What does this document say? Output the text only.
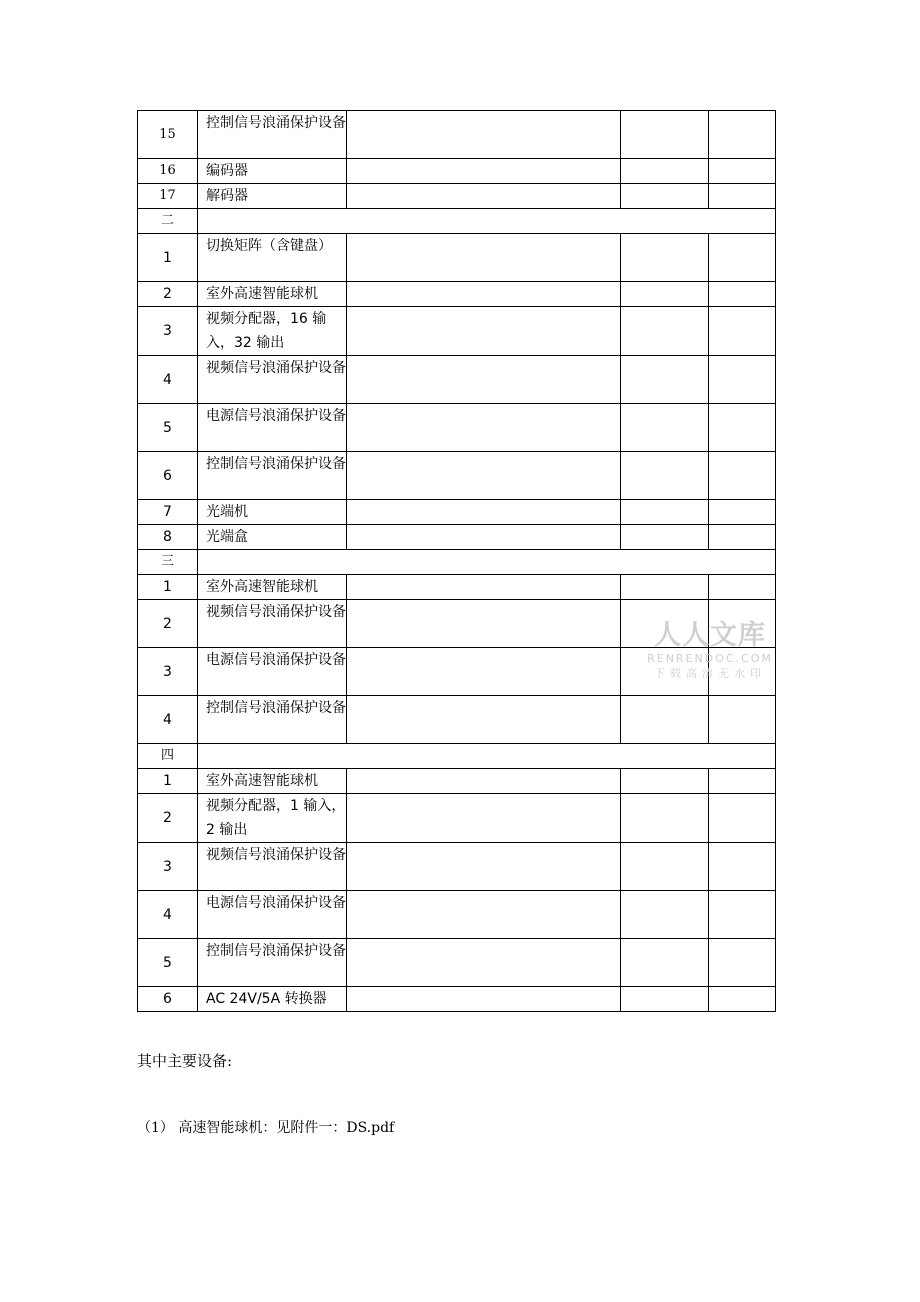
15	控制信号浪涌保护设备			
16	编码器			
17	解码器			
二				
1	切换矩阵（含键盘）			
2	室外高速智能球机			
3	视频分配器，16 输入，32 输出			
4	视频信号浪涌保护设备			
5	电源信号浪涌保护设备			
6	控制信号浪涌保护设备			
7	光端机			
8	光端盒			
三				
1	室外高速智能球机			
2	视频信号浪涌保护设备			
3	电源信号浪涌保护设备			
4	控制信号浪涌保护设备			
四				
1	室外高速智能球机			
2	视频分配器，1 输入，2 输出			
3	视频信号浪涌保护设备			
4	电源信号浪涌保护设备			
5	控制信号浪涌保护设备			
6	AC 24V/5A 转换器			
其中主要设备:
（1） 高速智能球机：见附件一：DS.pdf
人人文库
RENRENDOC.COM
下载高清无水印
